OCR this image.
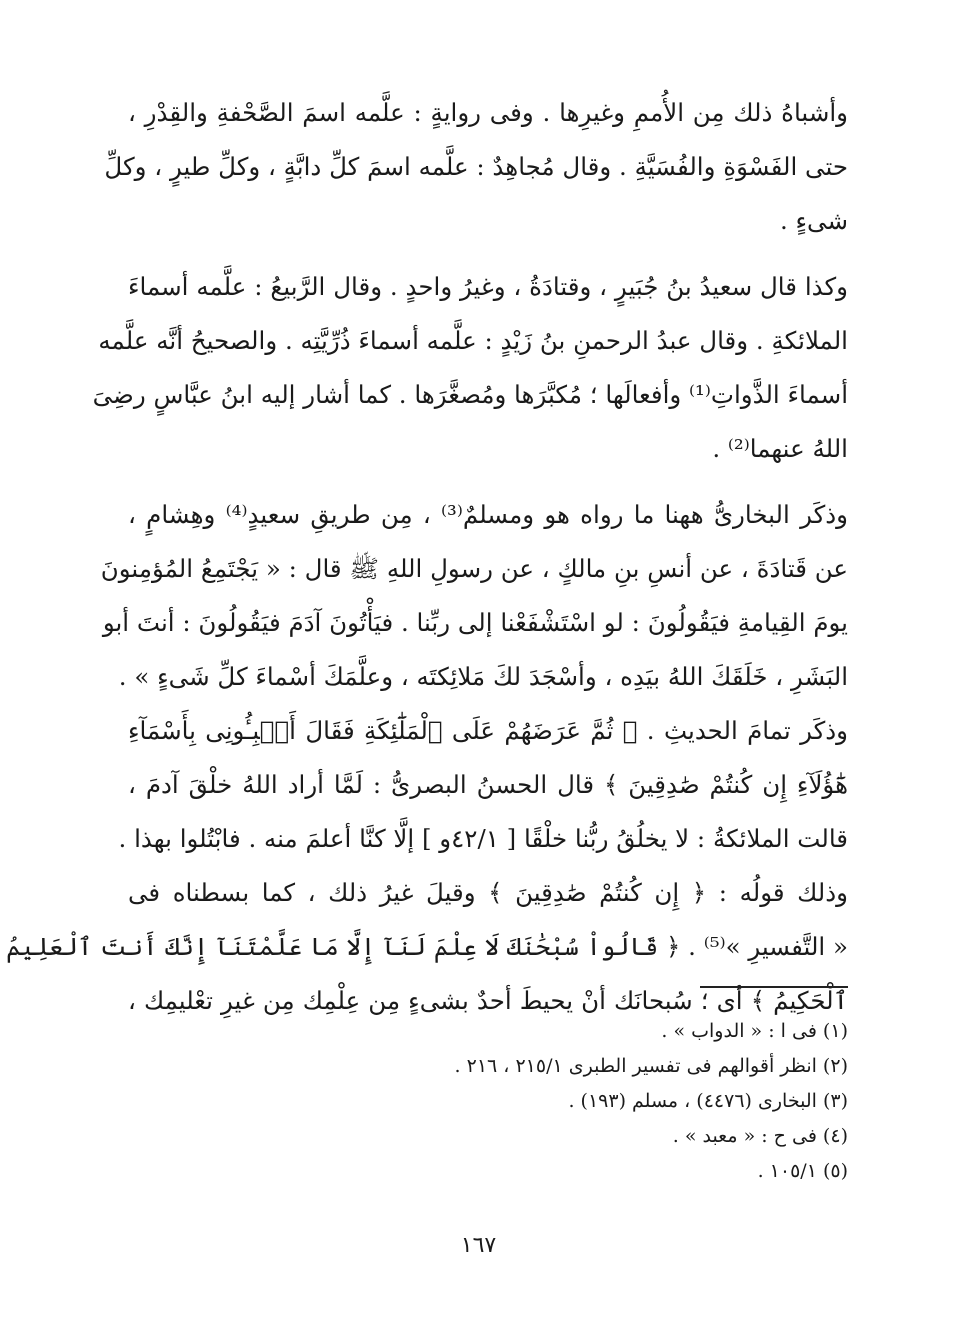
وأشباهُ ذلك مِن الأُممِ وغيرِها . وفى روايةٍ : علَّمه اسمَ الصَّحْفةِ والقِدْرِ ،
حتى الفَسْوَةِ والفُسَيَّةِ . وقال مُجاهِدٌ : علَّمه اسمَ كلِّ دابَّةٍ ، وكلِّ طيرٍ ، وكلِّ
شىءٍ .
وكذا قال سعيدُ بنُ جُبَيرٍ ، وقتادَةُ ، وغيرُ واحدٍ . وقال الرَّبيعُ : علَّمه أسماءَ
الملائكةِ . وقال عبدُ الرحمنِ بنُ زَيْدٍ : علَّمه أسماءَ ذُرِّيَّتِه . والصحيحُ أنَّه علَّمه
أسماءَ الذَّواتِ⁽¹⁾ وأفعالَها ؛ مُكبَّرَها ومُصغَّرَها . كما أشار إليه ابنُ عبَّاسٍ رضِىَ
اللهُ عنهما⁽²⁾ .
وذكَر البخارىُّ ههنا ما رواه هو ومسلمٌ⁽³⁾ ، مِن طريقِ سعيدٍ⁽⁴⁾ وهِشامٍ ،
عن قَتادَةَ ، عن أنسِ بنِ مالكٍ ، عن رسولِ اللهِ ﷺ قال : « يَجْتَمِعُ المُؤمِنونَ
يومَ القِيامةِ فيَقُولُونَ : لو اسْتَشْفَعْنا إلى ربِّنا . فيَأْتُونَ آدَمَ فيَقُولُونَ : أنتَ أبو
البَشَرِ ، خَلَقَكَ اللهُ بيَدِه ، وأسْجَدَ لكَ مَلائِكتَه ، وعلَّمَكَ أسْماءَ كلِّ شَىءٍ » .
وذكَر تمامَ الحديثِ . ﴿ ثُمَّ عَرَضَهُمْ عَلَى ٱلْمَلَٰٓئِكَةِ فَقَالَ أَنۢبِـُٔونِى بِأَسْمَآءِ
هَٰٓؤُلَآءِ إِن كُنتُمْ صَٰدِقِينَ ﴾ قال الحسنُ البصرىُّ : لَمَّا أراد اللهُ خلْقَ آدمَ ،
قالت الملائكةُ : لا يخلُقُ ربُّنا خلْقًا [ ٤٢/١و ] إلَّا كنَّا أعلمَ منه . فابْتُلوا بهذا .
وذلك قولُه : ﴿ إِن كُنتُمْ صَٰدِقِينَ ﴾ وقيلَ غيرُ ذلك ، كما بسطناه فى
« التَّفسيرِ »⁽⁵⁾ . ﴿ قَالُواْ سُبْحَٰنَكَ لَا عِلْمَ لَنَآ إِلَّا مَا عَلَّمْتَنَآ إِنَّكَ أَنتَ ٱلْعَلِيمُ
ٱلْحَكِيمُ ﴾ أى ؛ سُبحانَك أنْ يحيطَ أحدٌ بشىءٍ مِن عِلْمِك مِن غيرِ تعْليمِك ،
(١) فى ا : « الدواب » .
(٢) انظر أقوالهم فى تفسير الطبرى ٢١٥/١ ، ٢١٦ .
(٣) البخارى (٤٤٧٦) ، مسلم (١٩٣) .
(٤) فى ح : « معبد » .
(٥) ١٠٥/١ .
١٦٧
